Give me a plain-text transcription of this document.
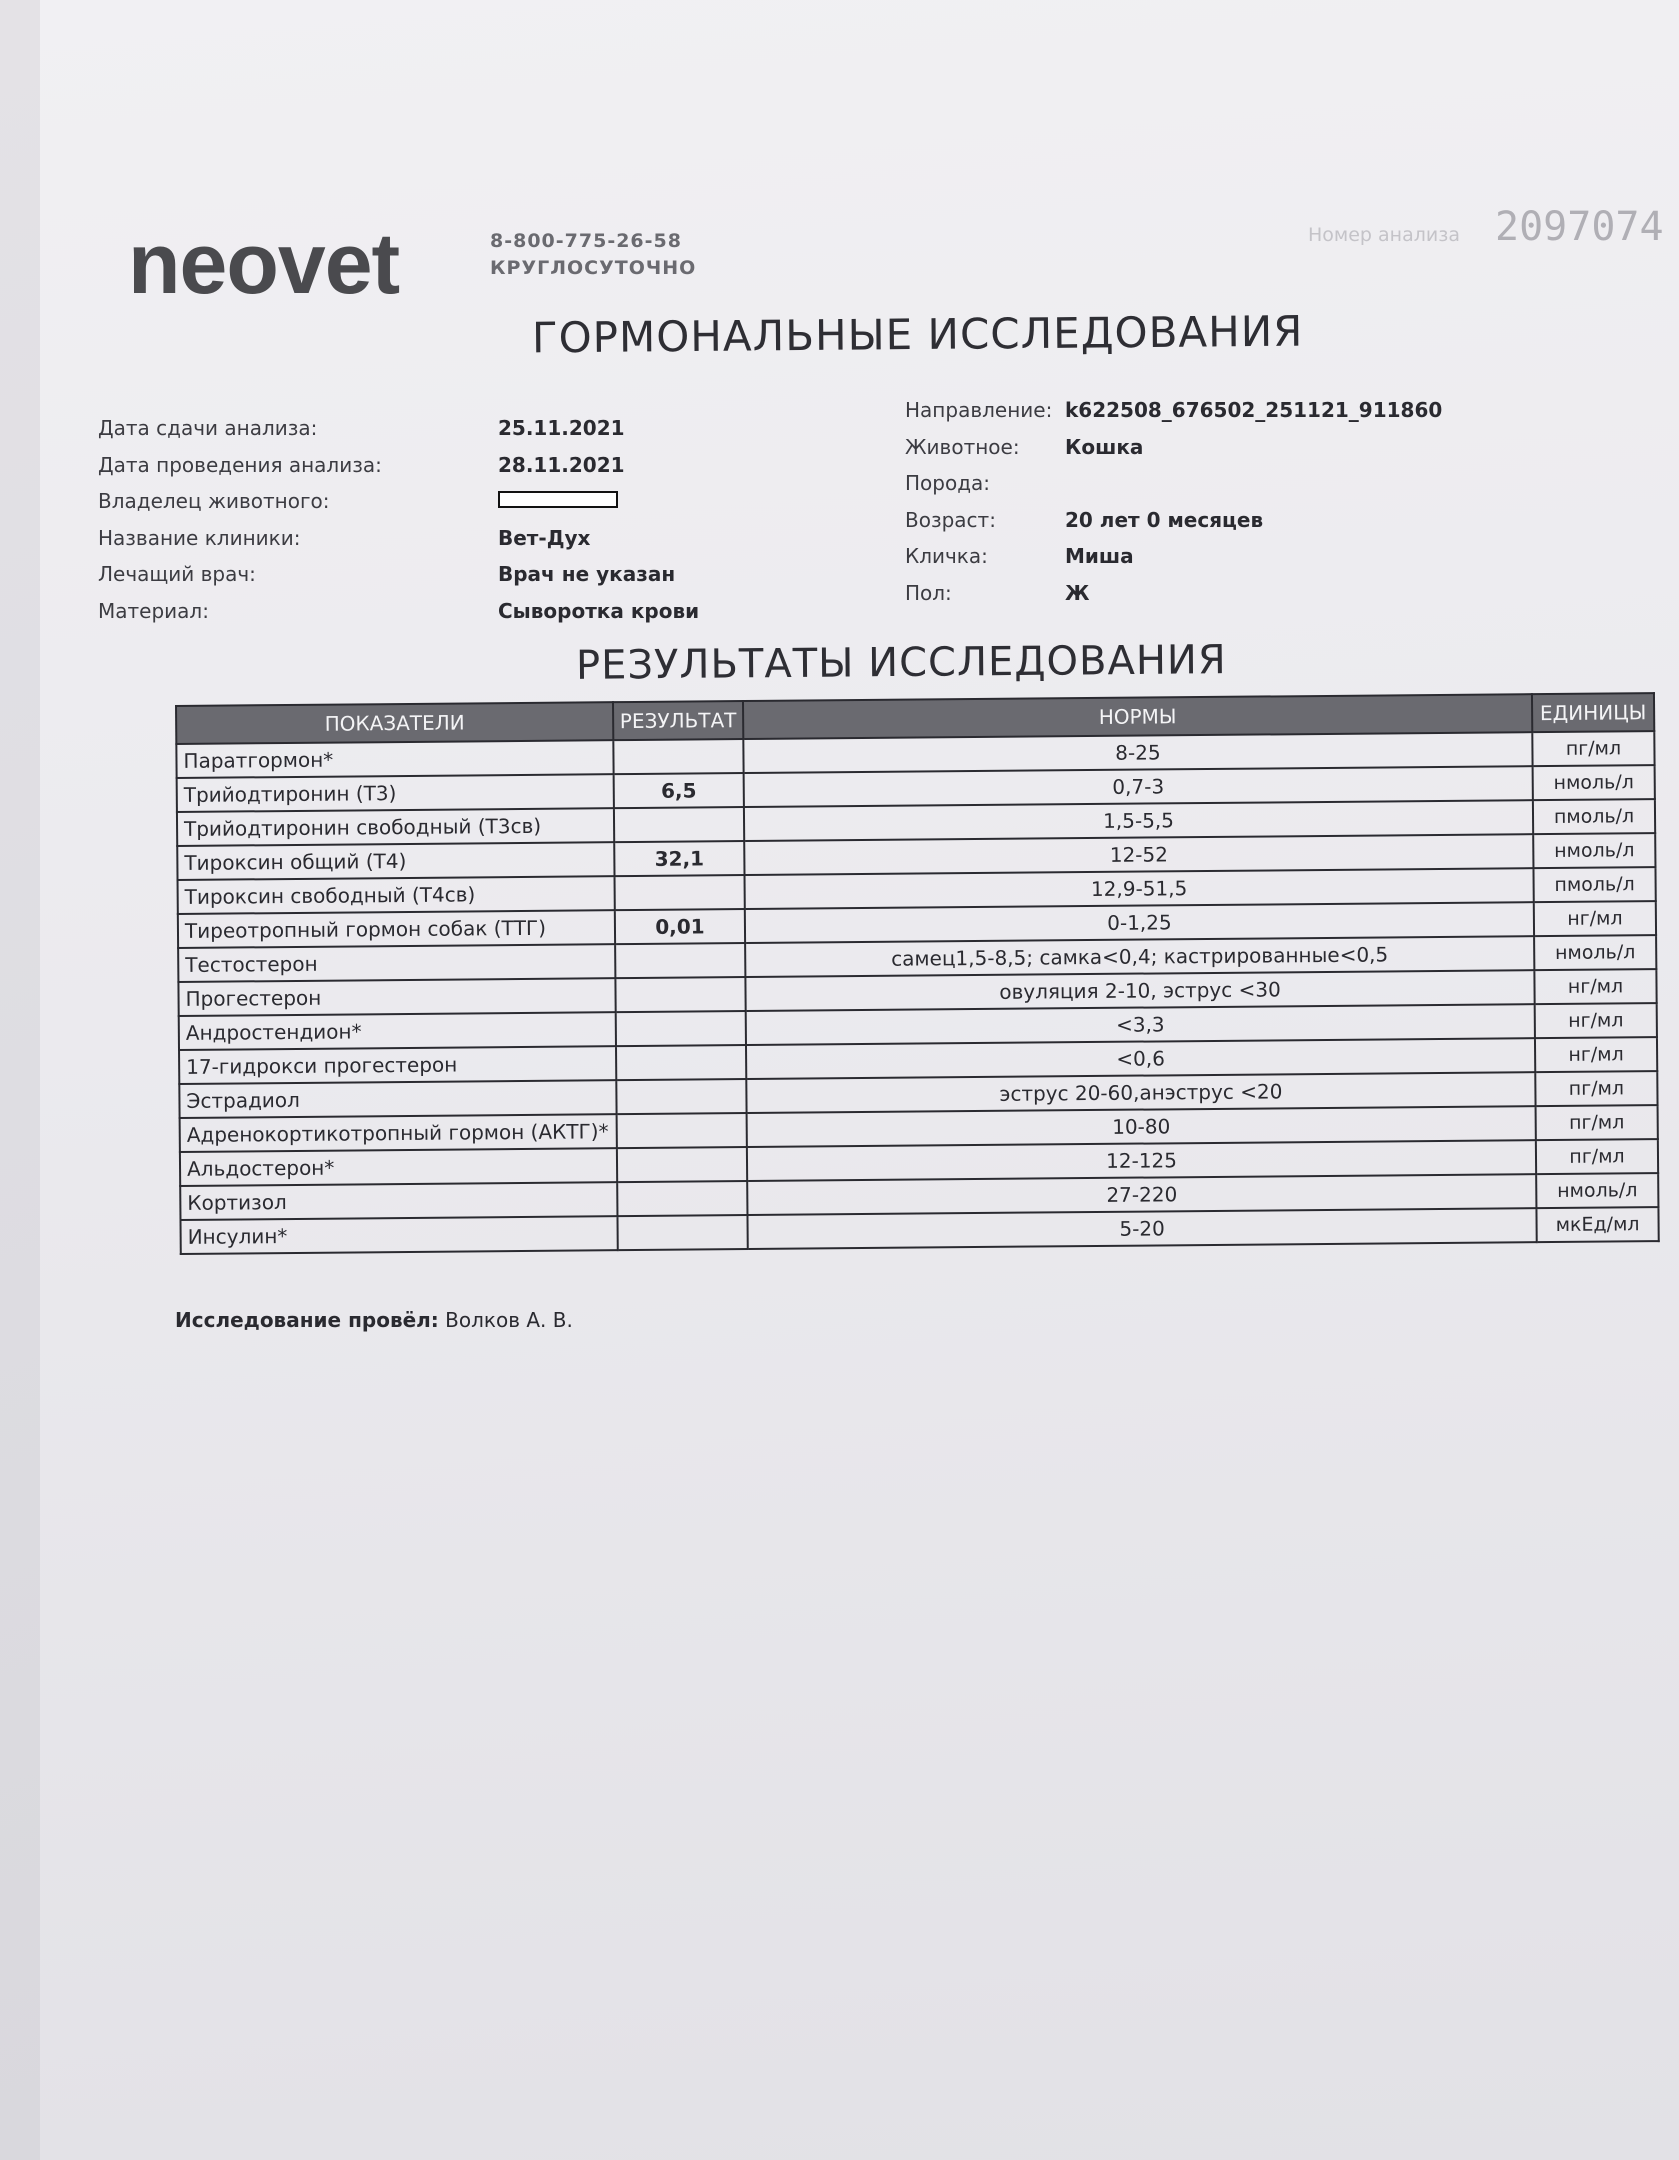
neovet	8-800-775-26-58
КРУГЛОСУТОЧНО
Номер анализа 2097074
ГОРМОНАЛЬНЫЕ ИССЛЕДОВАНИЯ
Дата сдачи анализа:	25.11.2021
Дата проведения анализа:	28.11.2021
Владелец животного:
Название клиники:	Вет-Дух
Лечащий врач:	Врач не указан
Материал:	Сыворотка крови
Направление: k622508_676502_251121_911860
Животное:	Кошка
Порода:
Возраст:	20 лет 0 месяцев
Кличка:	Миша
Пол:	Ж
РЕЗУЛЬТАТЫ ИССЛЕДОВАНИЯ
ПОКАЗАТЕЛИ	РЕЗУЛЬТАТ	НОРМЫ	ЕДИНИЦЫ
Паратгормон*		8-25	пг/мл
Трийодтиронин (Т3)	6,5	0,7-3	нмоль/л
Трийодтиронин свободный (Т3св)		1,5-5,5	пмоль/л
Тироксин общий (Т4)	32,1	12-52	нмоль/л
Тироксин свободный (Т4св)		12,9-51,5	пмоль/л
Тиреотропный гормон собак (ТТГ)	0,01	0-1,25	нг/мл
Тестостерон		самец1,5-8,5; самка<0,4; кастрированные<0,5	нмоль/л
Прогестерон		овуляция 2-10, эструс <30	нг/мл
Андростендион*		<3,3	нг/мл
17-гидрокси прогестерон		<0,6	нг/мл
Эстрадиол		эструс 20-60,анэструс <20	пг/мл
Адренокортикотропный гормон (АКТГ)*		10-80	пг/мл
Альдостерон*		12-125	пг/мл
Кортизол		27-220	нмоль/л
Инсулин*		5-20	мкЕд/мл
Исследование провёл: Волков А. В.
